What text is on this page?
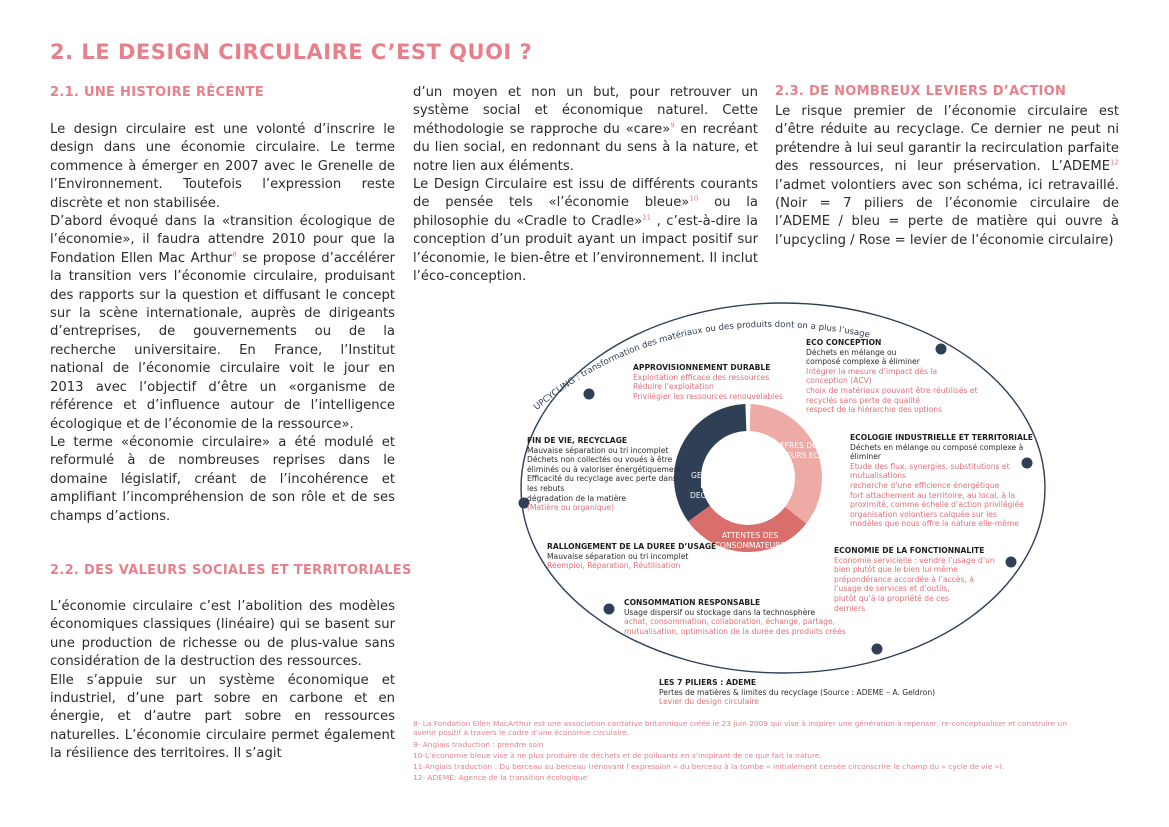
2. LE DESIGN CIRCULAIRE C’EST QUOI ?
2.1. UNE HISTOIRE RÉCENTE

Le design circulaire est une volonté d’inscrire le design dans une économie circulaire. Le terme commence à émerger en 2007 avec le Grenelle de l’Environnement. Toutefois l’expression reste discrète et non stabilisée.

D’abord évoqué dans la «transition écologique de l’économie», il faudra attendre 2010 pour que la Fondation Ellen Mac Arthur$^8$ se propose d’accélérer la transition vers l’économie circulaire, produisant des rapports sur la question et diffusant le concept sur la scène internationale, auprès de dirigeants d’entreprises, de gouvernements ou de la recherche universitaire. En France, l’Institut national de l’économie circulaire voit le jour en 2013 avec l’objectif d’être un «organisme de référence et d’influence autour de l’intelligence écologique et de l’économie de la ressource».

Le terme «économie circulaire» a été modulé et reformulé à de nombreuses reprises dans le domaine législatif, créant de l’incohérence et amplifiant l’incompréhension de son rôle et de ses champs d’actions.

2.2. DES VALEURS SOCIALES ET TERRITORIALES

L’économie circulaire c’est l’abolition des modèles économiques classiques (linéaire) qui se basent sur une production de richesse ou de plus-value sans considération de la destruction des ressources.

Elle s’appuie sur un système économique et industriel, d’une part sobre en carbone et en énergie, et d’autre part sobre en ressources naturelles. L’économie circulaire permet également la résilience des territoires. Il s’agit

d’un moyen et non un but, pour retrouver un système social et économique naturel. Cette méthodologie se rapproche du «care»$^9$ en recréant du lien social, en redonnant du sens à la nature, et notre lien aux éléments.

Le Design Circulaire est issu de différents courants de pensée tels «l’économie bleue»$^{10}$ ou la philosophie du «Cradle to Cradle»$^{11}$ , c’est-à-dire la conception d’un produit ayant un impact positif sur l’économie, le bien-être et l’environnement. Il inclut l’éco-conception.

2.3. DE NOMBREUX LEVIERS D’ACTION

Le risque premier de l’économie circulaire est d’être réduite au recyclage. Ce dernier ne peut ni prétendre à lui seul garantir la recirculation parfaite des ressources, ni leur préservation. L’ADEME$^{12}$ l’admet volontiers avec son schéma, ici retravaillé. (Noir = 7 piliers de l’économie circulaire de l’ADEME / bleu = perte de matière qui ouvre à l’upcycling / Rose = levier de l’économie circulaire)

UPCYCLING : transformation des matériaux ou des produits dont on a plus l’usage
OFFRES DES ACTEURS ECO
ATTENTES DES CONSOMMATEURS
GESTION DES DECHETS
APPROVISIONNEMENT DURABLE
Exploitation efficace des ressources
Réduire l’exploitation
Privilégier les ressources renouvelables
ECO CONCEPTION
Déchets en mélange ou
composé complexe à éliminer
Intégrer la mesure d’impact dès la
conception (ACV)
choix de matériaux pouvant être réutilisés et
recyclés sans perte de qualité
respect de la hiérarchie des options
ECOLOGIE INDUSTRIELLE ET TERRITORIALE
Déchets en mélange ou composé complexe à
éliminer
Etude des flux, synergies, substitutions et
mutualisations
recherche d’une efficience énergétique
fort attachement au territoire, au local, à la
proximité, comme échelle d’action privilégiée
organisation volontiers calquée sur les
modèles que nous offre la nature elle-même
FIN DE VIE, RECYCLAGE
Mauvaise séparation ou tri incomplet
Déchets non collectés ou voués à être
éliminés ou à valoriser énergétiquement
Efficacité du recyclage avec perte dans
les rebuts
dégradation de la matière
(Matière ou organique)
RALLONGEMENT DE LA DUREE D’USAGE
Mauvaise séparation ou tri incomplet
Réemploi, Réparation, Réutilisation
ECONOMIE DE LA FONCTIONNALITE
Economie servicielle : vendre l’usage d’un
bien plutôt que le bien lui même
prépondérance accordée à l’accès, à
l’usage de services et d’outils,
plutôt qu’à la propriété de ces
derniers
CONSOMMATION RESPONSABLE
Usage dispersif ou stockage dans la technosphère
achat, consommation, collaboration, échange, partage,
mutualisation, optimisation de la durée des produits créés
LES 7 PILIERS : ADEME
Pertes de matières & limites du recyclage (Source : ADEME – A. Geldron)
Levier du design circulaire
8- La Fondation Ellen MacArthur est une association caritative britannique créée le 23 juin 2009 qui vise à inspirer une génération à repenser, re-conceptualiser et construire un
avenir positif à travers le cadre d’une économie circulaire.
9- Anglais traduction : prendre soin
10-L’économie bleue vise à ne plus produire de déchets et de polluants en s’inspirant de ce que fait la nature.
11-Anglais traduction : Du berceau au berceau (rénovant l’expression « du berceau à la tombe » initialement censée circonscrire le champ du « cycle de vie »).
12- ADEME: Agence de la transition écologique
